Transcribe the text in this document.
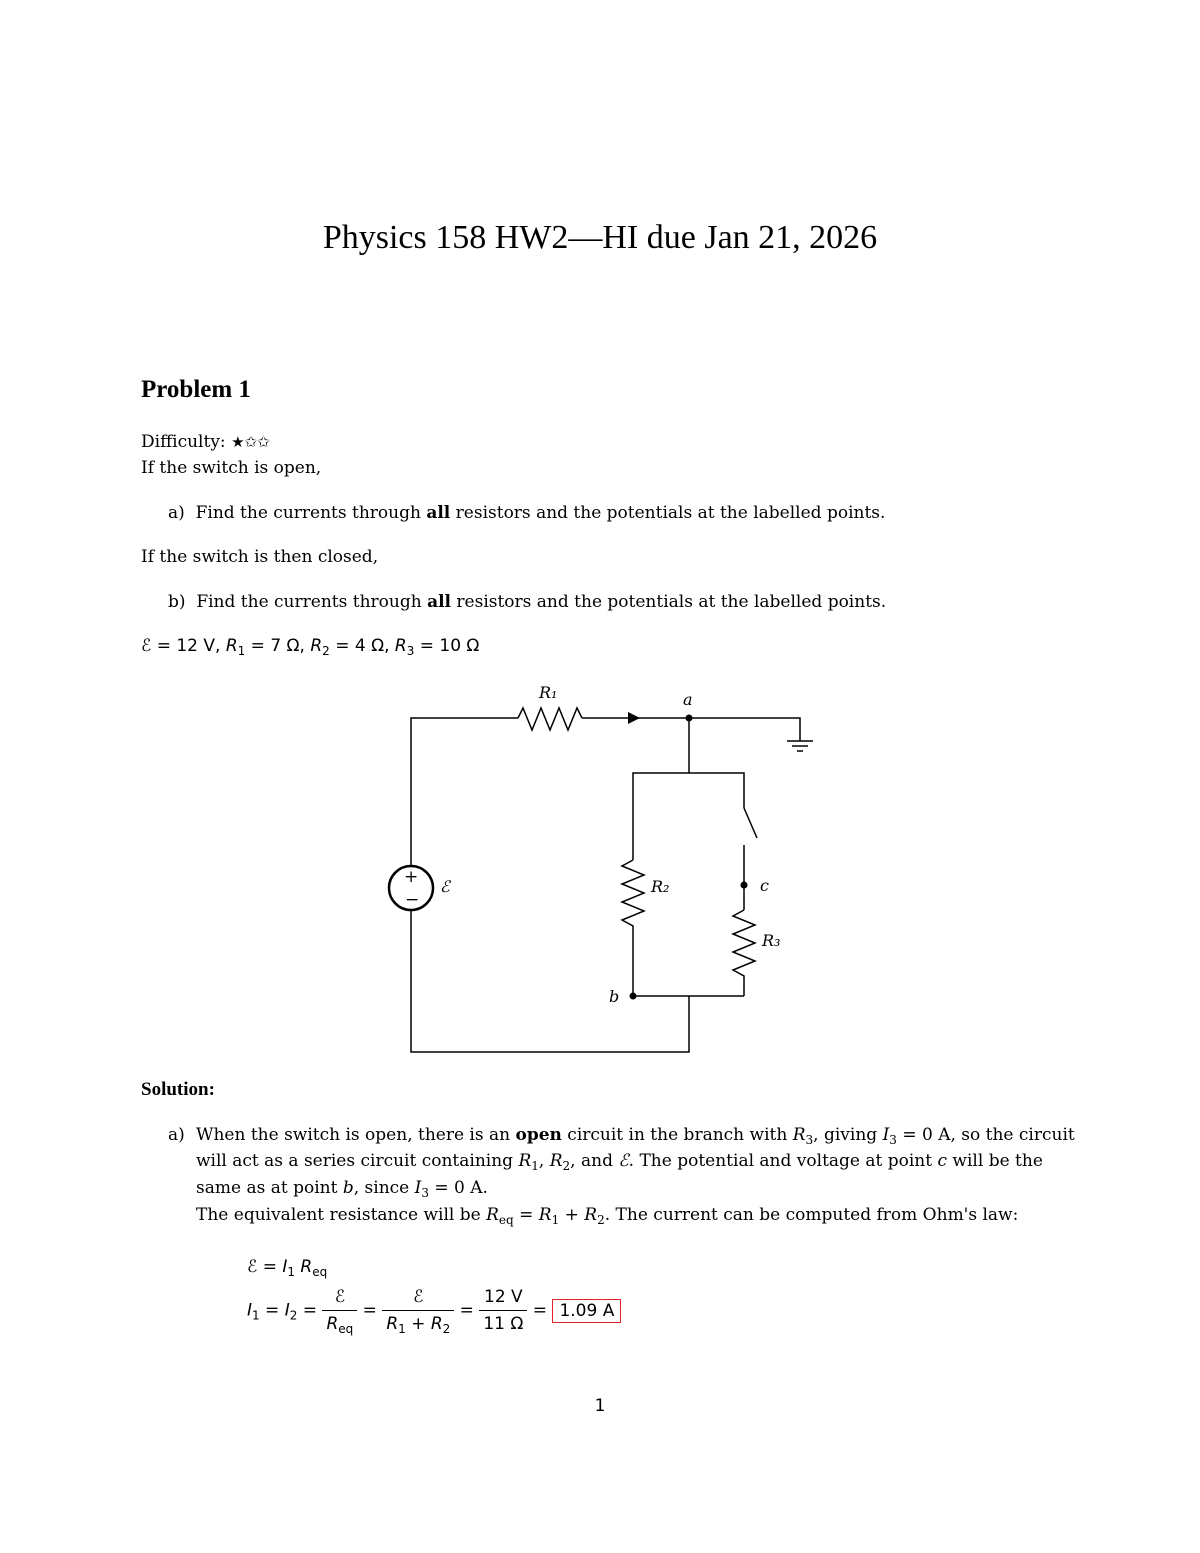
Physics 158 HW2—HI due Jan 21, 2026
Problem 1
Difficulty: ★✩✩
If the switch is open,
a) Find the currents through all resistors and the potentials at the labelled points.
If the switch is then closed,
b) Find the currents through all resistors and the potentials at the labelled points.
ℰ = 12 V, $R_1 = 7$ Ω, $R_2 = 4$ Ω, $R_3 = 10$ Ω
R₁	a
R₂	c
R₃
b
ℰ
+
−
Solution:
a) When the switch is open, there is an open circuit in the branch with $R_3$, giving $I_3 = 0$ A, so the circuit
will act as a series circuit containing $R_1$, $R_2$, and ℰ. The potential and voltage at point c will be the
same as at point b, since $I_3 = 0$ A.
The equivalent resistance will be $R_{eq} = R_1 + R_2$. The current can be computed from Ohm's law:
ℰ = $I_1$ $R_{eq}$
$I_1 = I_2 = \frac{\text{ℰ}}{R_{eq}} = \frac{\text{ℰ}}{R_1 + R_2} = \frac{12 V}{11 \Omega} = 1.09$ A
1
